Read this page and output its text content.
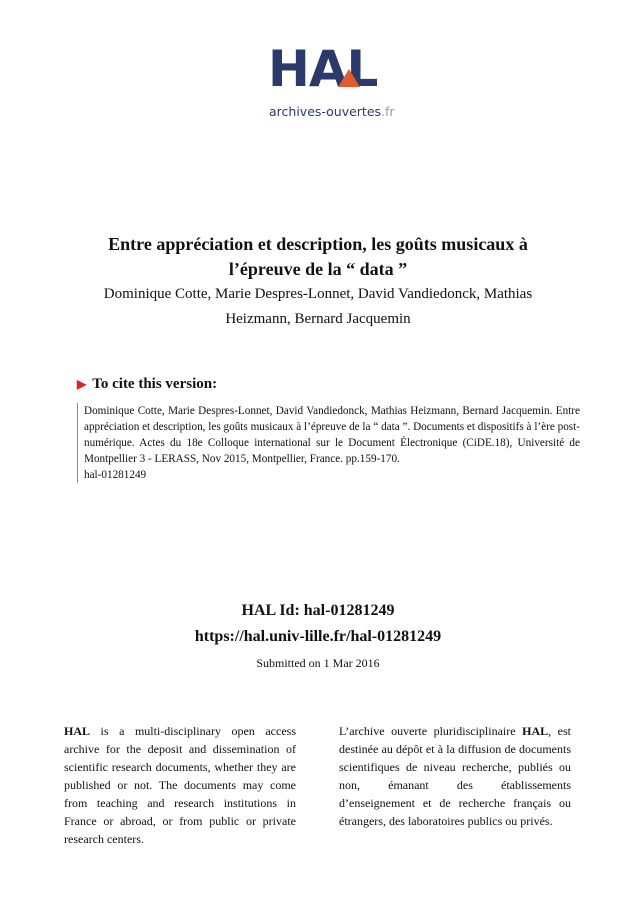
HAL
archives-ouvertes.fr
Entre appréciation et description, les goûts musicaux à
l’épreuve de la “ data ”
Dominique Cotte, Marie Despres-Lonnet, David Vandiedonck, Mathias
Heizmann, Bernard Jacquemin
▶ To cite this version:
Dominique Cotte, Marie Despres-Lonnet, David Vandiedonck, Mathias Heizmann, Bernard Jacquemin. Entre appréciation et description, les goûts musicaux à l’épreuve de la “ data ”. Documents et dispositifs à l’ère post-numérique. Actes du 18e Colloque international sur le Document Électronique (CiDE.18), Université de Montpellier 3 - LERASS, Nov 2015, Montpellier, France. pp.159-170.
hal-01281249
HAL Id: hal-01281249
https://hal.univ-lille.fr/hal-01281249
Submitted on 1 Mar 2016
HAL is a multi-disciplinary open access archive for the deposit and dissemination of scientific research documents, whether they are published or not. The documents may come from teaching and research institutions in France or abroad, or from public or private research centers.
L’archive ouverte pluridisciplinaire HAL, est destinée au dépôt et à la diffusion de documents scientifiques de niveau recherche, publiés ou non, émanant des établissements d’enseignement et de recherche français ou étrangers, des laboratoires publics ou privés.
